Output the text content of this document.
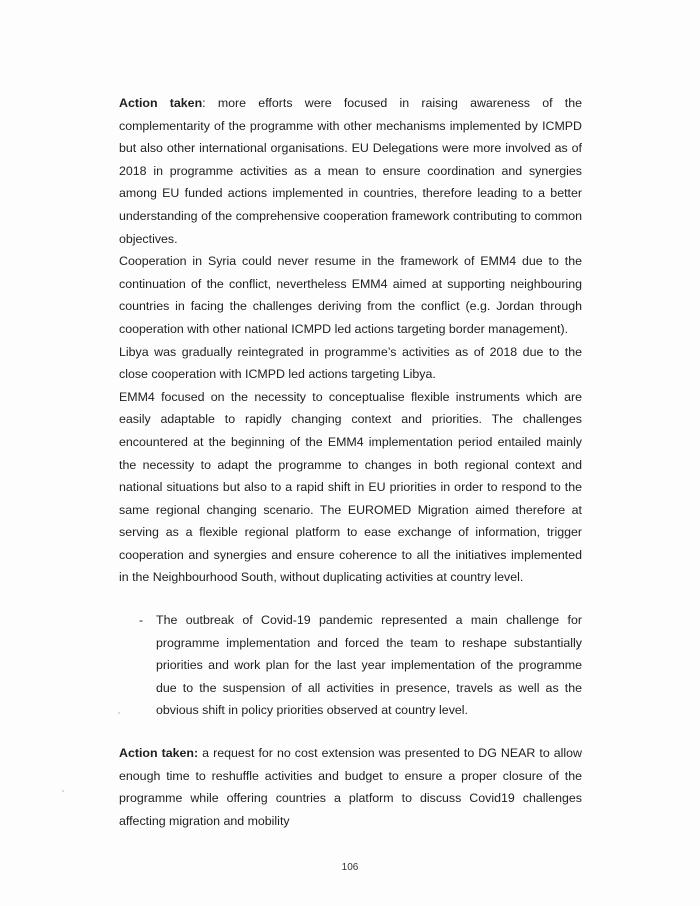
Action taken: more efforts were focused in raising awareness of the complementarity of the programme with other mechanisms implemented by ICMPD but also other international organisations. EU Delegations were more involved as of 2018 in programme activities as a mean to ensure coordination and synergies among EU funded actions implemented in countries, therefore leading to a better understanding of the comprehensive cooperation framework contributing to common objectives.

Cooperation in Syria could never resume in the framework of EMM4 due to the continuation of the conflict, nevertheless EMM4 aimed at supporting neighbouring countries in facing the challenges deriving from the conflict (e.g. Jordan through cooperation with other national ICMPD led actions targeting border management).

Libya was gradually reintegrated in programme’s activities as of 2018 due to the close cooperation with ICMPD led actions targeting Libya.

EMM4 focused on the necessity to conceptualise flexible instruments which are easily adaptable to rapidly changing context and priorities. The challenges encountered at the beginning of the EMM4 implementation period entailed mainly the necessity to adapt the programme to changes in both regional context and national situations but also to a rapid shift in EU priorities in order to respond to the same regional changing scenario. The EUROMED Migration aimed therefore at serving as a flexible regional platform to ease exchange of information, trigger cooperation and synergies and ensure coherence to all the initiatives implemented in the Neighbourhood South, without duplicating activities at country level.

- The outbreak of Covid-19 pandemic represented a main challenge for programme implementation and forced the team to reshape substantially priorities and work plan for the last year implementation of the programme due to the suspension of all activities in presence, travels as well as the obvious shift in policy priorities observed at country level.

Action taken: a request for no cost extension was presented to DG NEAR to allow enough time to reshuffle activities and budget to ensure a proper closure of the programme while offering countries a platform to discuss Covid19 challenges affecting migration and mobility

106
